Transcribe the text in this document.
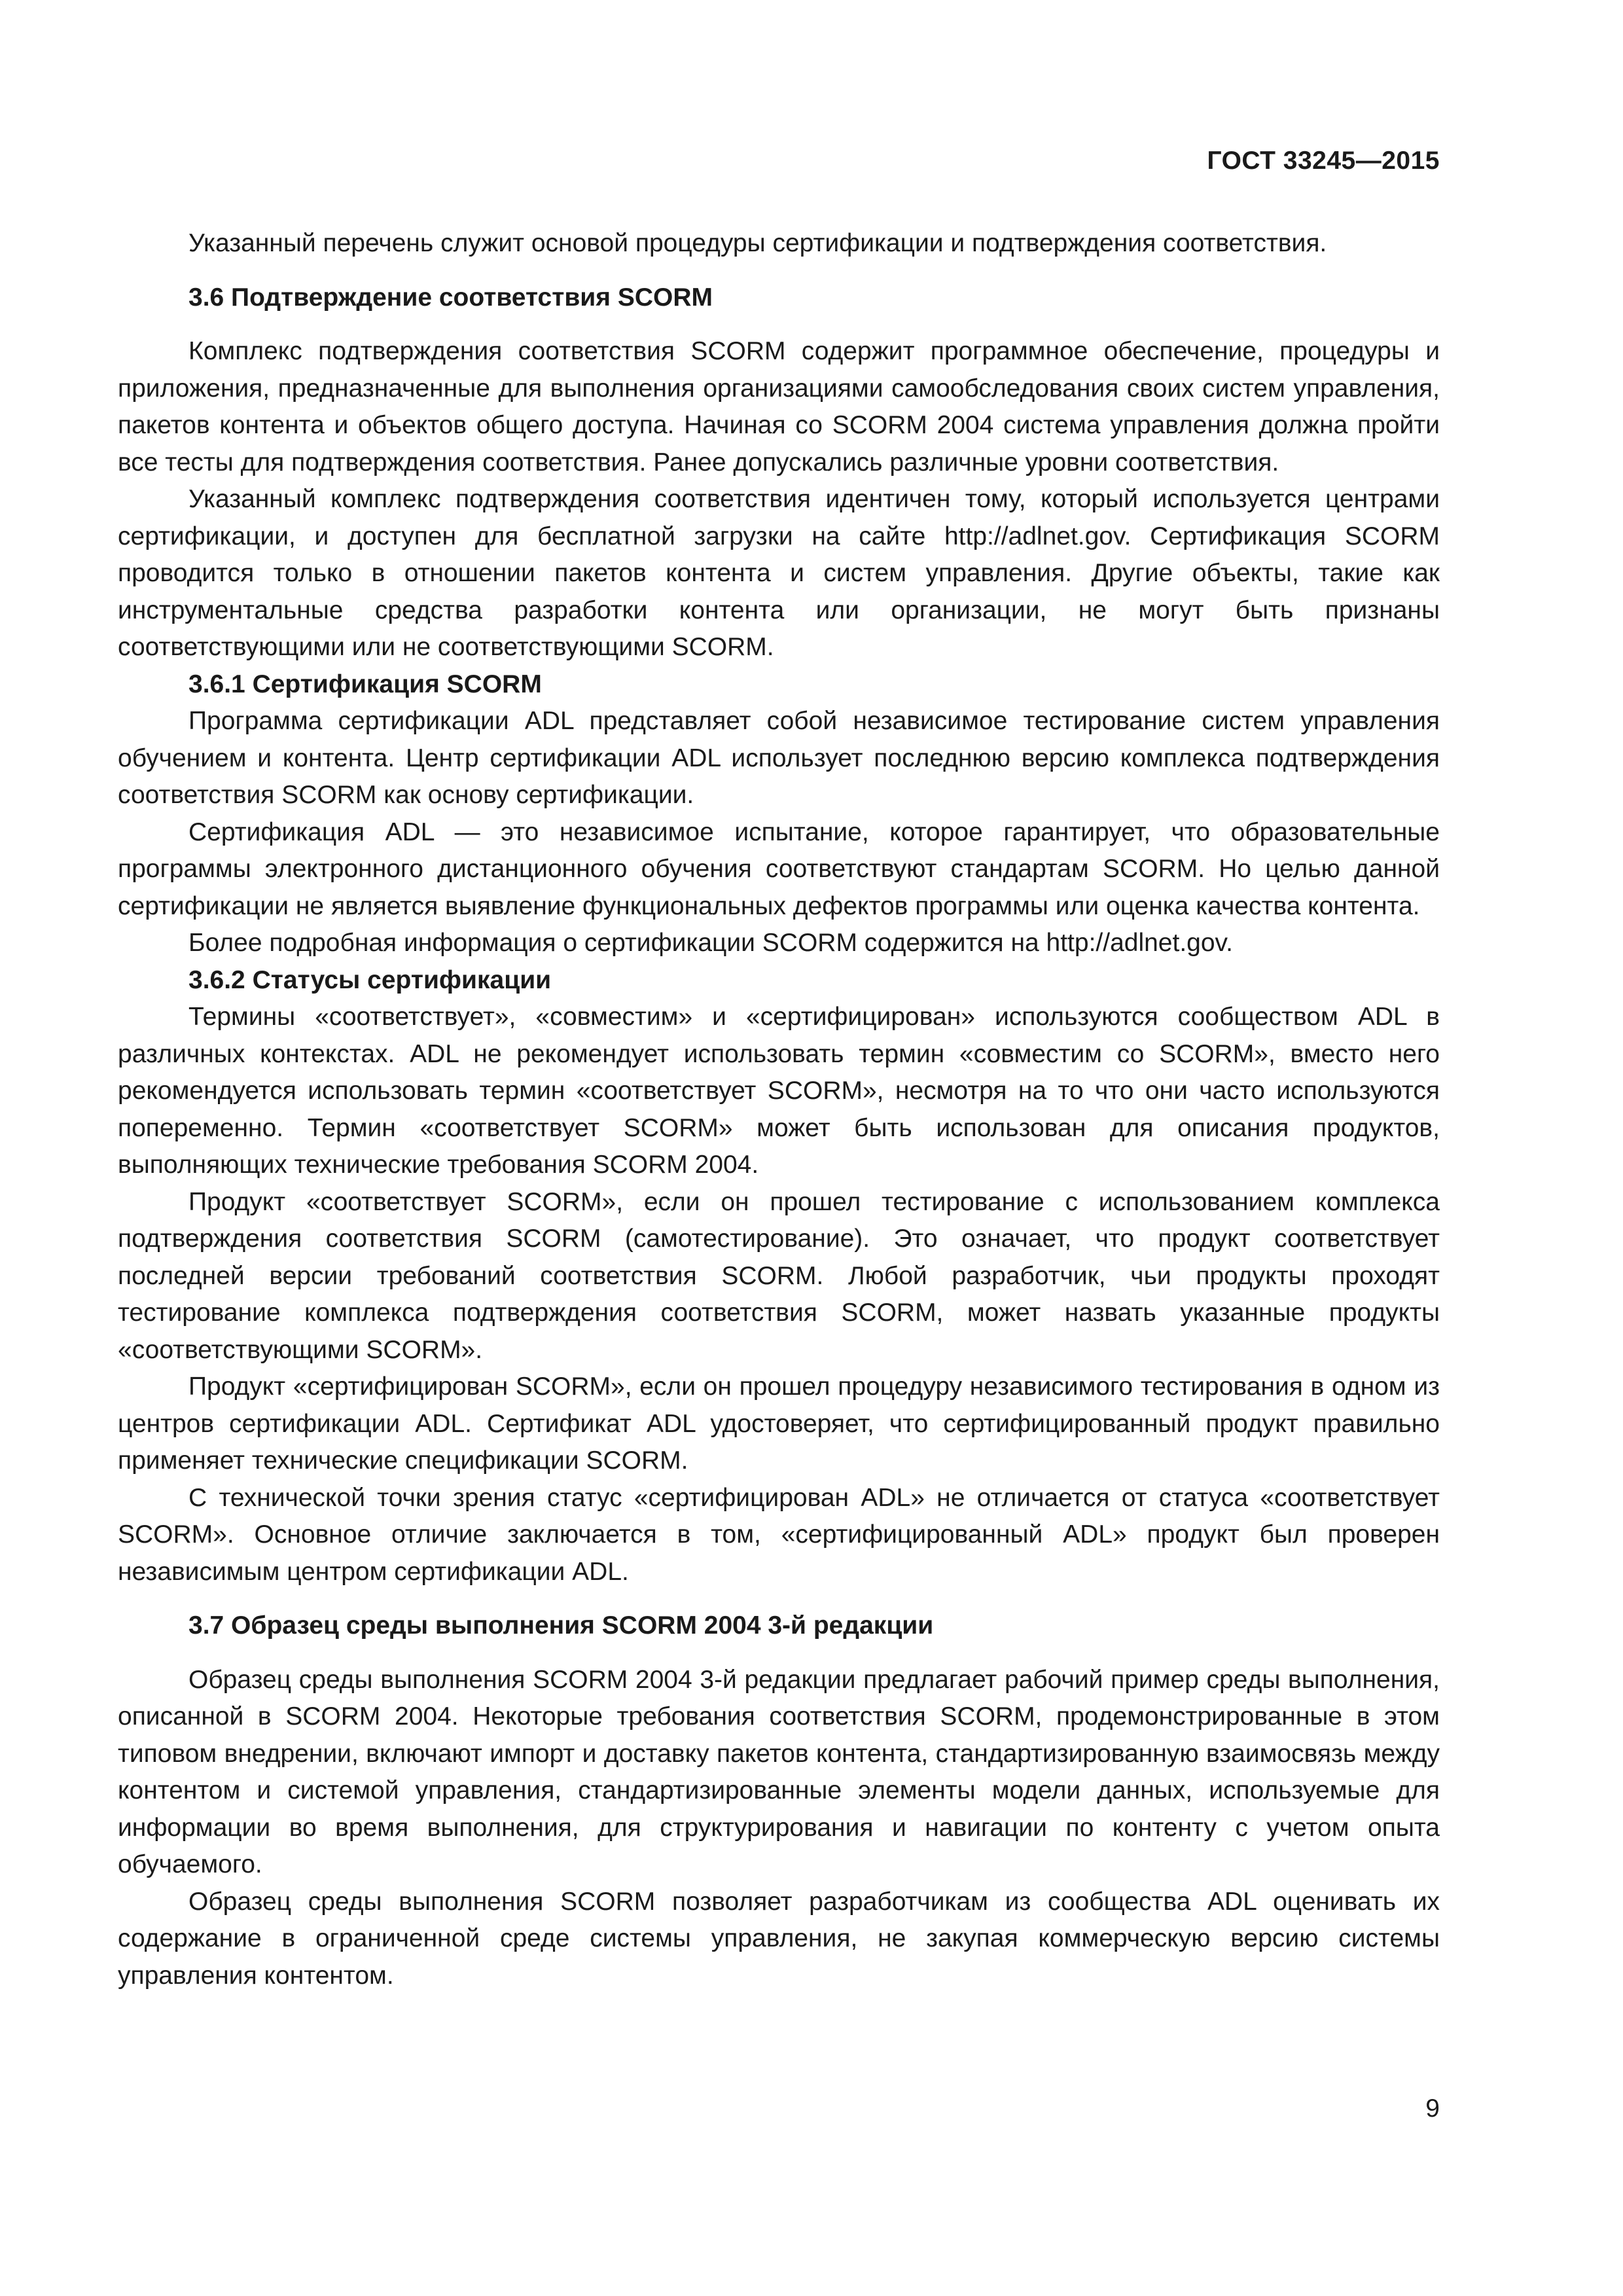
ГОСТ 33245—2015

Указанный перечень служит основой процедуры сертификации и подтверждения соответствия.

3.6 Подтверждение соответствия SCORM

Комплекс подтверждения соответствия SCORM содержит программное обеспечение, процедуры и приложения, предназначенные для выполнения организациями самообследования своих систем управления, пакетов контента и объектов общего доступа. Начиная со SCORM 2004 система управления должна пройти все тесты для подтверждения соответствия. Ранее допускались различные уровни соответствия.

Указанный комплекс подтверждения соответствия идентичен тому, который используется центрами сертификации, и доступен для бесплатной загрузки на сайте http://adlnet.gov. Сертификация SCORM проводится только в отношении пакетов контента и систем управления. Другие объекты, такие как инструментальные средства разработки контента или организации, не могут быть признаны соответствующими или не соответствующими SCORM.

3.6.1 Сертификация SCORM

Программа сертификации ADL представляет собой независимое тестирование систем управления обучением и контента. Центр сертификации ADL использует последнюю версию комплекса подтверждения соответствия SCORM как основу сертификации.

Сертификация ADL — это независимое испытание, которое гарантирует, что образовательные программы электронного дистанционного обучения соответствуют стандартам SCORM. Но целью данной сертификации не является выявление функциональных дефектов программы или оценка качества контента.

Более подробная информация о сертификации SCORM содержится на http://adlnet.gov.

3.6.2 Статусы сертификации

Термины «соответствует», «совместим» и «сертифицирован» используются сообществом ADL в различных контекстах. ADL не рекомендует использовать термин «совместим со SCORM», вместо него рекомендуется использовать термин «соответствует SCORM», несмотря на то что они часто используются попеременно. Термин «соответствует SCORM» может быть использован для описания продуктов, выполняющих технические требования SCORM 2004.

Продукт «соответствует SCORM», если он прошел тестирование с использованием комплекса подтверждения соответствия SCORM (самотестирование). Это означает, что продукт соответствует последней версии требований соответствия SCORM. Любой разработчик, чьи продукты проходят тестирование комплекса подтверждения соответствия SCORM, может назвать указанные продукты «соответствующими SCORM».

Продукт «сертифицирован SCORM», если он прошел процедуру независимого тестирования в одном из центров сертификации ADL. Сертификат ADL удостоверяет, что сертифицированный продукт правильно применяет технические спецификации SCORM.

С технической точки зрения статус «сертифицирован ADL» не отличается от статуса «соответствует SCORM». Основное отличие заключается в том, «сертифицированный ADL» продукт был проверен независимым центром сертификации ADL.

3.7 Образец среды выполнения SCORM 2004 3-й редакции

Образец среды выполнения SCORM 2004 3-й редакции предлагает рабочий пример среды выполнения, описанной в SCORM 2004. Некоторые требования соответствия SCORM, продемонстрированные в этом типовом внедрении, включают импорт и доставку пакетов контента, стандартизированную взаимосвязь между контентом и системой управления, стандартизированные элементы модели данных, используемые для информации во время выполнения, для структурирования и навигации по контенту с учетом опыта обучаемого.

Образец среды выполнения SCORM позволяет разработчикам из сообщества ADL оценивать их содержание в ограниченной среде системы управления, не закупая коммерческую версию системы управления контентом.

9
